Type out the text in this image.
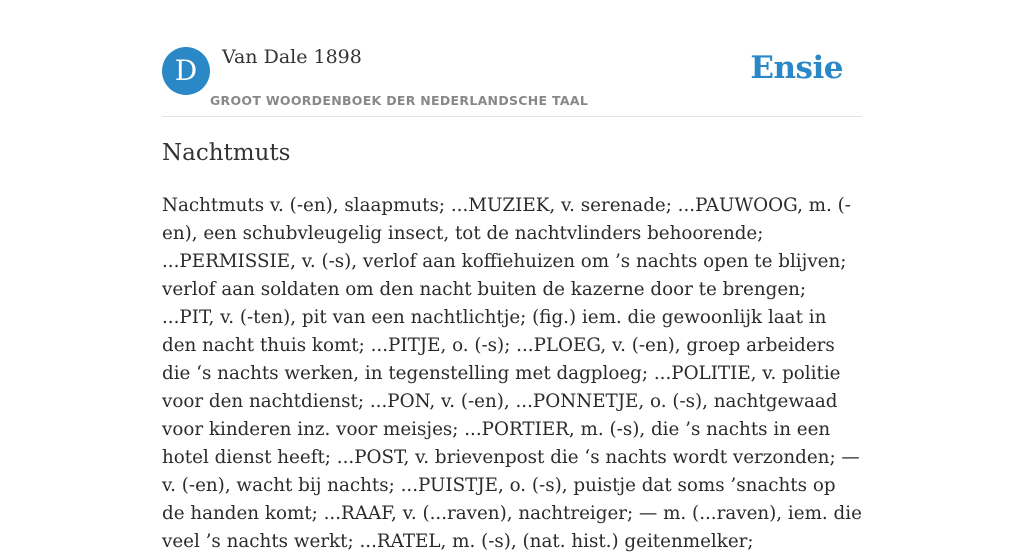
D	Van Dale 1898
GROOT WOORDENBOEK DER NEDERLANDSCHE TAAL
Ensie
Nachtmuts

Nachtmuts v. (-en), slaapmuts; ...MUZIEK, v. serenade; ...PAUWOOG, m. (-en), een schubvleugelig insect, tot de nachtvlinders behoorende; ...PERMISSIE, v. (-s), verlof aan koffiehuizen om ’s nachts open te blijven; verlof aan soldaten om den nacht buiten de kazerne door te brengen; ...PIT, v. (-ten), pit van een nachtlichtje; (fig.) iem. die gewoonlijk laat in den nacht thuis komt; ...PITJE, o. (-s); ...PLOEG, v. (-en), groep arbeiders die ‘s nachts werken, in tegenstelling met dagploeg; ...POLITIE, v. politie voor den nachtdienst; ...PON, v. (-en), ...PONNETJE, o. (-s), nachtgewaad voor kinderen inz. voor meisjes; ...PORTIER, m. (-s), die ’s nachts in een hotel dienst heeft; ...POST, v. brievenpost die ‘s nachts wordt verzonden; — v. (-en), wacht bij nachts; ...PUISTJE, o. (-s), puistje dat soms ’snachts op de handen komt; ...RAAF, v. (...raven), nachtreiger; — m. (...raven), iem. die veel ’s nachts werkt; ...RATEL, m. (-s), (nat. hist.) geitenmelker;
